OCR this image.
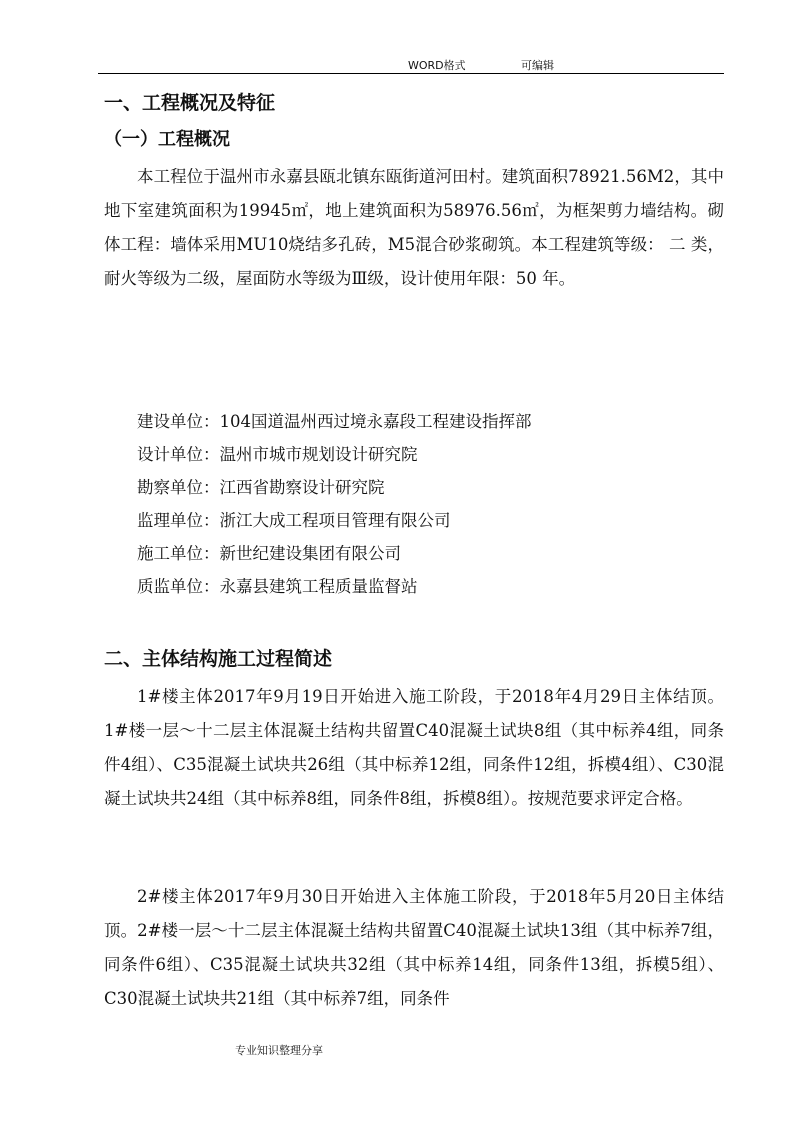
WORD格式	可编辑
一、工程概况及特征
（一）工程概况

本工程位于温州市永嘉县瓯北镇东瓯街道河田村。建筑面积78921.56M2，其中地下室建筑面积为19945㎡，地上建筑面积为58976.56㎡，为框架剪力墙结构。砌体工程：墙体采用MU10烧结多孔砖，M5混合砂浆砌筑。本工程建筑等级： 二 类，耐火等级为二级，屋面防水等级为Ⅲ级，设计使用年限：50 年。

建设单位：104国道温州西过境永嘉段工程建设指挥部
设计单位：温州市城市规划设计研究院
勘察单位：江西省勘察设计研究院
监理单位：浙江大成工程项目管理有限公司
施工单位：新世纪建设集团有限公司
质监单位：永嘉县建筑工程质量监督站
二、主体结构施工过程简述

1#楼主体2017年9月19日开始进入施工阶段，于2018年4月29日主体结顶。1#楼一层～十二层主体混凝土结构共留置C40混凝土试块8组（其中标养4组，同条件4组）、C35混凝土试块共26组（其中标养12组，同条件12组，拆模4组）、C30混凝土试块共24组（其中标养8组，同条件8组，拆模8组）。按规范要求评定合格。

2#楼主体2017年9月30日开始进入主体施工阶段，于2018年5月20日主体结顶。2#楼一层～十二层主体混凝土结构共留置C40混凝土试块13组（其中标养7组，同条件6组）、C35混凝土试块共32组（其中标养14组，同条件13组，拆模5组）、C30混凝土试块共21组（其中标养7组，同条件

专业知识整理分享
